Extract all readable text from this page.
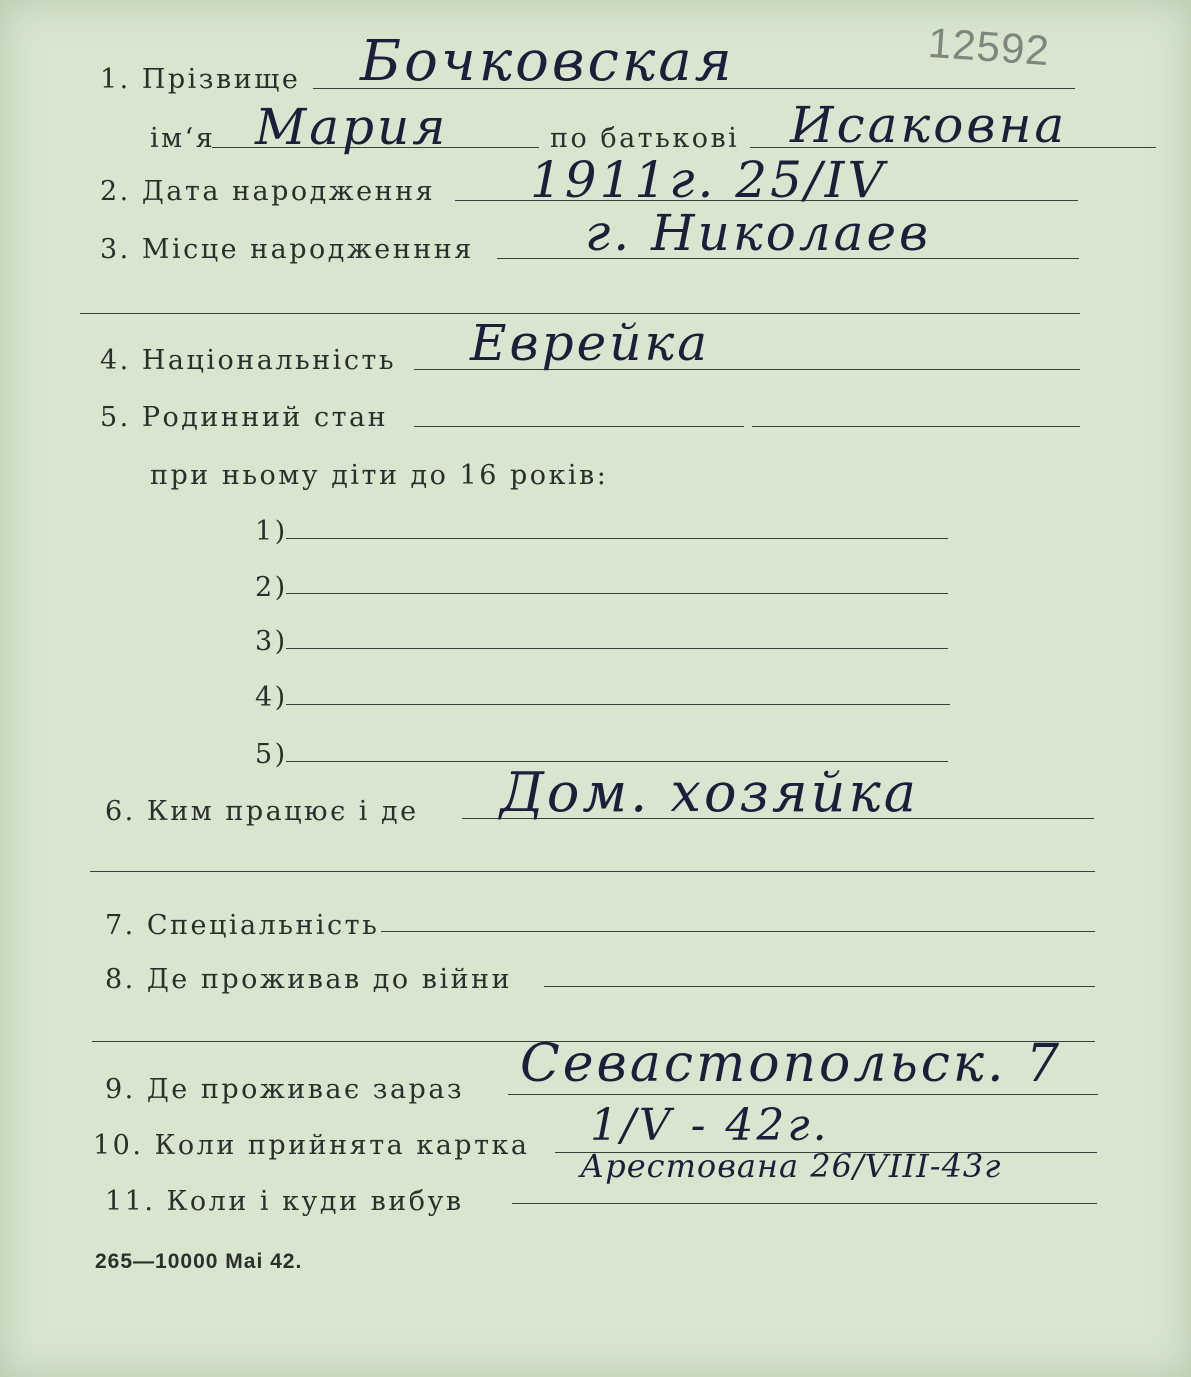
12592
1. Прізвище Бочковская
ім‘я Мария	по батькові Исаковна
2. Дата народження 1911г. 25/IV
3. Місце народженння г. Николаев
4. Національність Еврейка
5. Родинний стан
при ньому діти до 16 років:
1)
2)
3)
4)
5)
6. Ким працює і де Дом. хозяйка
7. Спеціальність
8. Де проживав до війни
9. Де проживає зараз Севастопольск. 7
10. Коли прийнята картка 1/V - 42г.
11. Коли і куди вибув
Арестована 26/VIII-43г
265—10000 Mai 42.
